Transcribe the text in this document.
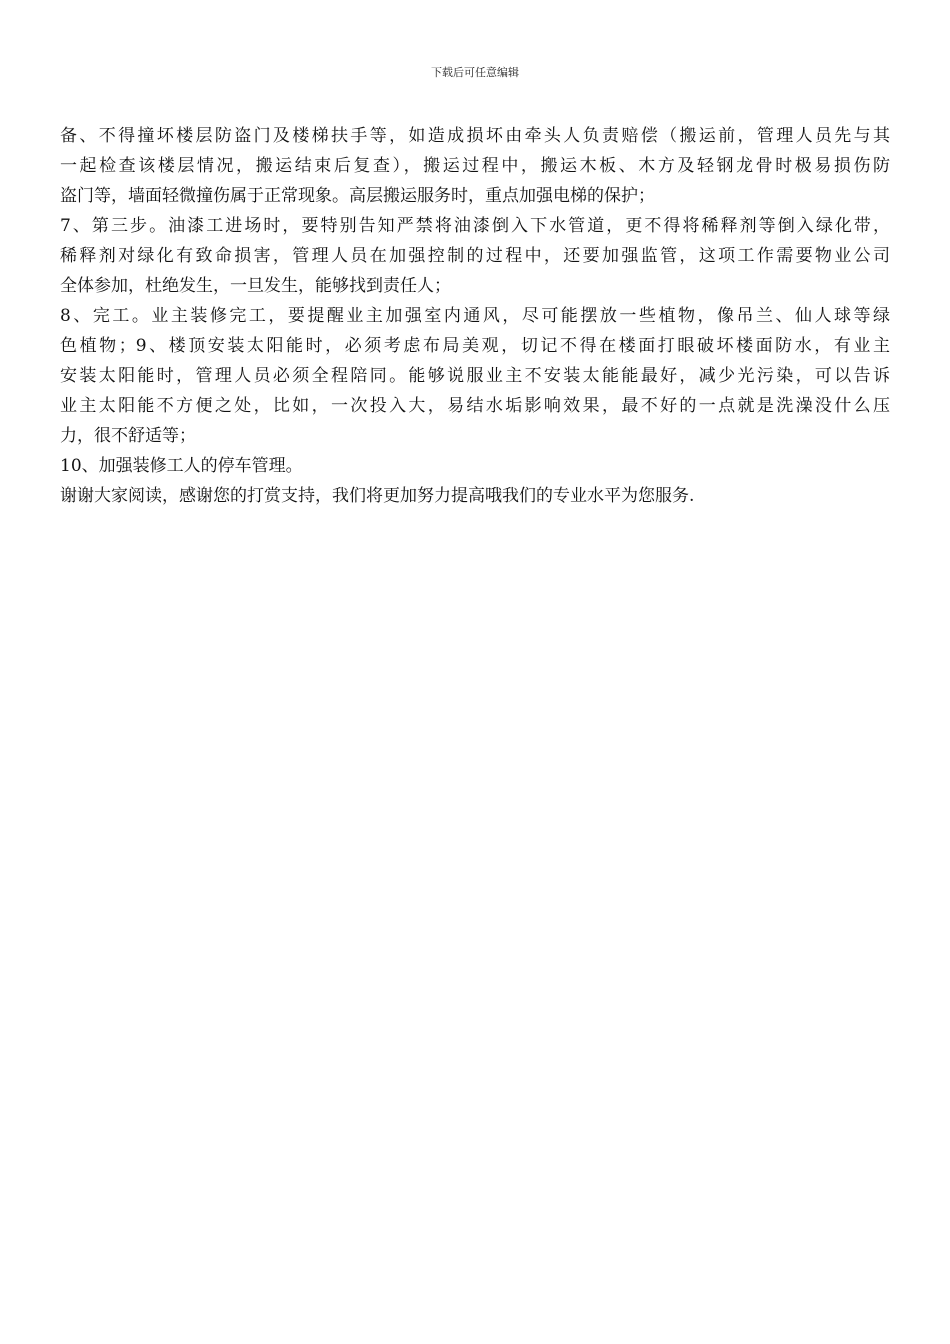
下载后可任意编辑
备、不得撞坏楼层防盗门及楼梯扶手等，如造成损坏由牵头人负责赔偿（搬运前，管理人员先与其
一起检查该楼层情况，搬运结束后复查），搬运过程中，搬运木板、木方及轻钢龙骨时极易损伤防
盗门等，墙面轻微撞伤属于正常现象。高层搬运服务时，重点加强电梯的保护；
7、第三步。油漆工进场时，要特别告知严禁将油漆倒入下水管道，更不得将稀释剂等倒入绿化带，
稀释剂对绿化有致命损害，管理人员在加强控制的过程中，还要加强监管，这项工作需要物业公司
全体参加，杜绝发生，一旦发生，能够找到责任人；
8、完工。业主装修完工，要提醒业主加强室内通风，尽可能摆放一些植物，像吊兰、仙人球等绿
色植物；9、楼顶安装太阳能时，必须考虑布局美观，切记不得在楼面打眼破坏楼面防水，有业主
安装太阳能时，管理人员必须全程陪同。能够说服业主不安装太能能最好，减少光污染，可以告诉
业主太阳能不方便之处，比如，一次投入大，易结水垢影响效果，最不好的一点就是洗澡没什么压
力，很不舒适等；
10、加强装修工人的停车管理。
谢谢大家阅读，感谢您的打赏支持，我们将更加努力提高哦我们的专业水平为您服务.
